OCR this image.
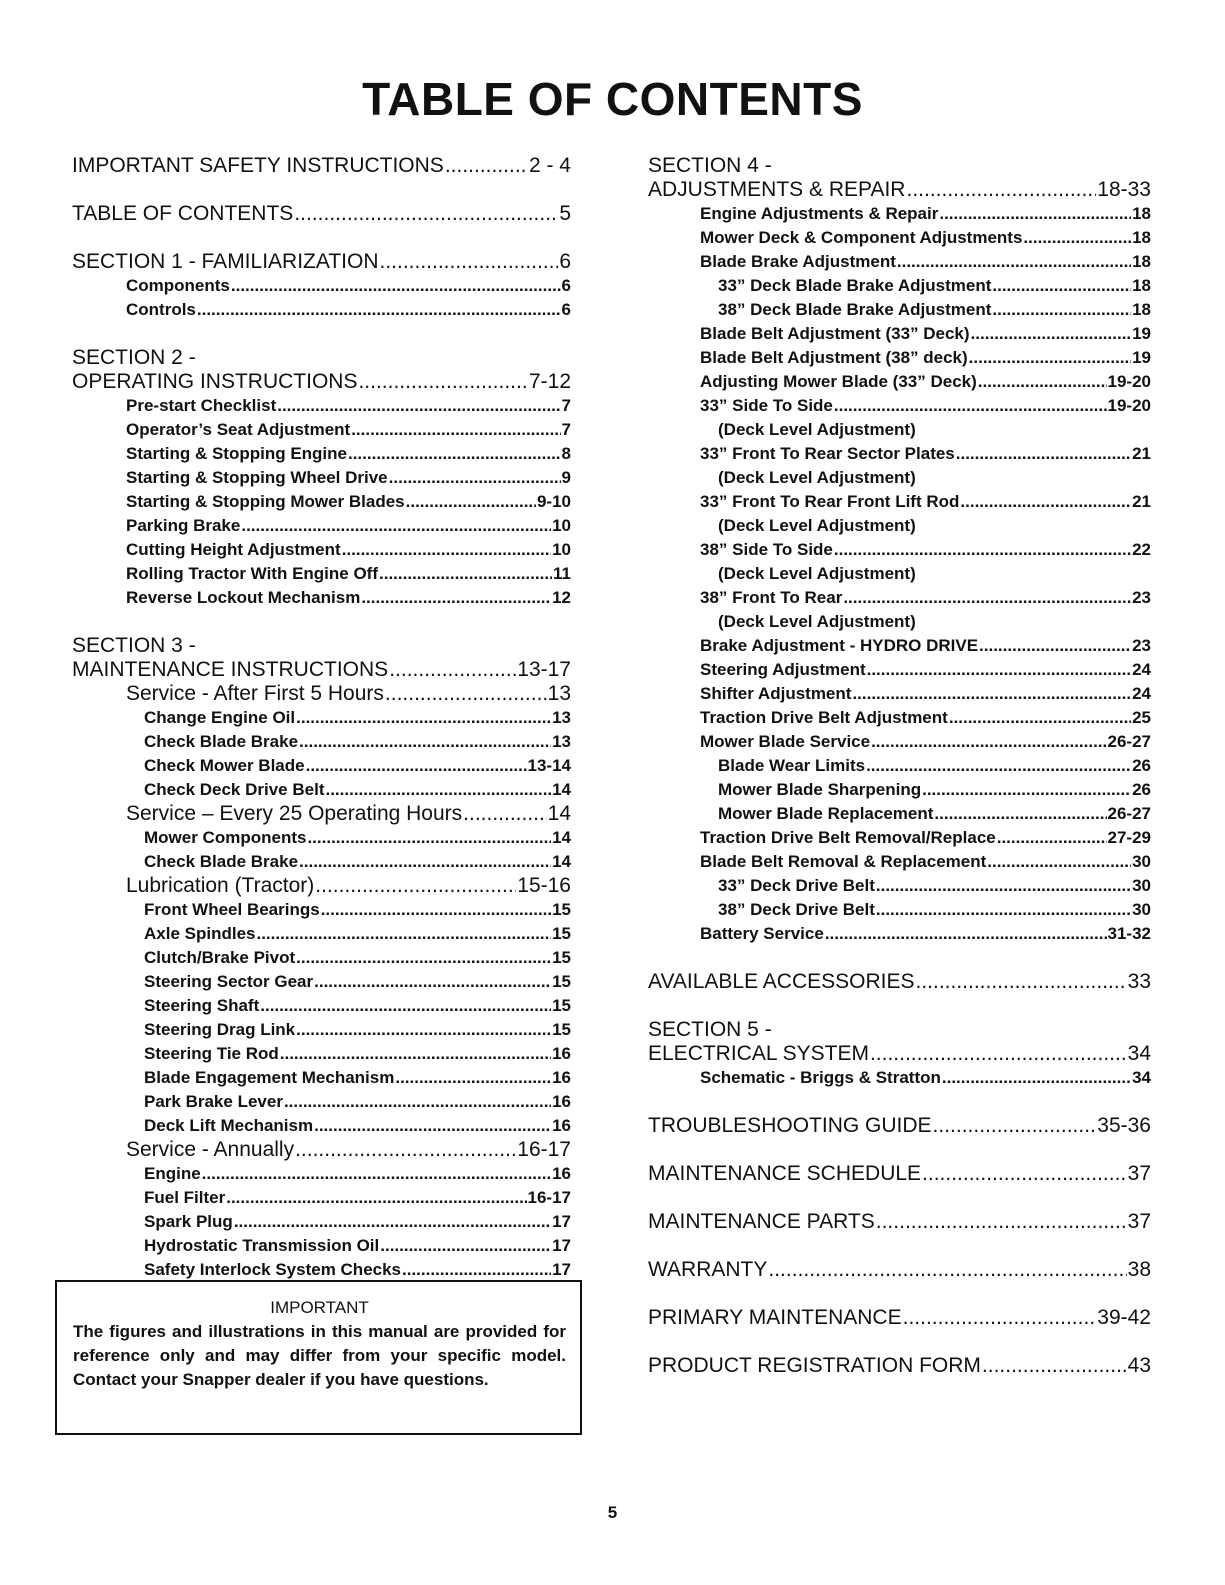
TABLE OF CONTENTS
IMPORTANT SAFETY INSTRUCTIONS .....	2 - 4
TABLE OF CONTENTS .....	5
SECTION 1 - FAMILIARIZATION .....	6
Components .....	6
Controls .....	6
SECTION 2 -
OPERATING INSTRUCTIONS .....	7-12
Pre-start Checklist .....	7
Operator’s Seat Adjustment .....	7
Starting & Stopping Engine .....	8
Starting & Stopping Wheel Drive .....	9
Starting & Stopping Mower Blades .....	9-10
Parking Brake .....	10
Cutting Height Adjustment .....	10
Rolling Tractor With Engine Off .....	11
Reverse Lockout Mechanism .....	12
SECTION 3 -
MAINTENANCE INSTRUCTIONS .....	13-17
Service - After First 5 Hours .....	13
Change Engine Oil .....	13
Check Blade Brake .....	13
Check Mower Blade .....	13-14
Check Deck Drive Belt .....	14
Service – Every 25 Operating Hours .....	14
Mower Components .....	14
Check Blade Brake .....	14
Lubrication (Tractor) .....	15-16
Front Wheel Bearings .....	15
Axle Spindles .....	15
Clutch/Brake Pivot .....	15
Steering Sector Gear .....	15
Steering Shaft .....	15
Steering Drag Link .....	15
Steering Tie Rod .....	16
Blade Engagement Mechanism .....	16
Park Brake Lever .....	16
Deck Lift Mechanism .....	16
Service - Annually .....	16-17
Engine .....	16
Fuel Filter .....	16-17
Spark Plug .....	17
Hydrostatic Transmission Oil .....	17
Safety Interlock System Checks .....	17
SECTION 4 -
ADJUSTMENTS & REPAIR .....	18-33
Engine Adjustments & Repair .....	18
Mower Deck & Component Adjustments .....	18
Blade Brake Adjustment .....	18
33” Deck Blade Brake Adjustment .....	18
38” Deck Blade Brake Adjustment .....	18
Blade Belt Adjustment (33” Deck) .....	19
Blade Belt Adjustment (38” deck) .....	19
Adjusting Mower Blade (33” Deck) .....	19-20
33” Side To Side .....	19-20
(Deck Level Adjustment)
33” Front To Rear Sector Plates .....	21
(Deck Level Adjustment)
33” Front To Rear Front Lift Rod .....	21
(Deck Level Adjustment)
38” Side To Side .....	22
(Deck Level Adjustment)
38” Front To Rear .....	23
(Deck Level Adjustment)
Brake Adjustment - HYDRO DRIVE .....	23
Steering Adjustment .....	24
Shifter Adjustment .....	24
Traction Drive Belt Adjustment .....	25
Mower Blade Service .....	26-27
Blade Wear Limits .....	26
Mower Blade Sharpening .....	26
Mower Blade Replacement .....	26-27
Traction Drive Belt Removal/Replace .....	27-29
Blade Belt Removal & Replacement .....	30
33” Deck Drive Belt .....	30
38” Deck Drive Belt .....	30
Battery Service .....	31-32
AVAILABLE ACCESSORIES .....	33
SECTION 5 -
ELECTRICAL SYSTEM .....	34
Schematic - Briggs & Stratton .....	34
TROUBLESHOOTING GUIDE .....	35-36
MAINTENANCE SCHEDULE .....	37
MAINTENANCE PARTS .....	37
WARRANTY .....	38
PRIMARY MAINTENANCE .....	39-42
PRODUCT REGISTRATION FORM .....	43
IMPORTANT
The figures and illustrations in this manual are provided for reference only and may differ from your specific model. Contact your Snapper dealer if you have questions.
5
